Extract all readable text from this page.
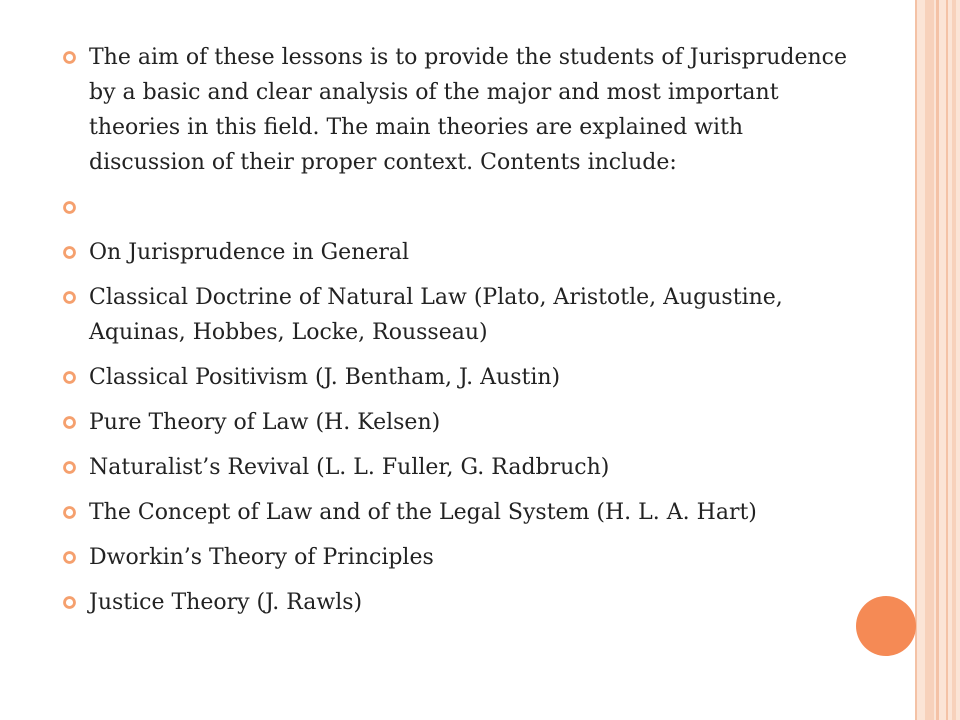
The aim of these lessons is to provide the students of Jurisprudence by a basic and clear analysis of the major and most important theories in this field. The main theories are explained with discussion of their proper context. Contents include:
On Jurisprudence in General
Classical Doctrine of Natural Law (Plato, Aristotle, Augustine, Aquinas, Hobbes, Locke, Rousseau)
Classical Positivism (J. Bentham, J. Austin)
Pure Theory of Law (H. Kelsen)
Naturalist’s Revival (L. L. Fuller, G. Radbruch)
The Concept of Law and of the Legal System (H. L. A. Hart)
Dworkin’s Theory of Principles
Justice Theory (J. Rawls)
